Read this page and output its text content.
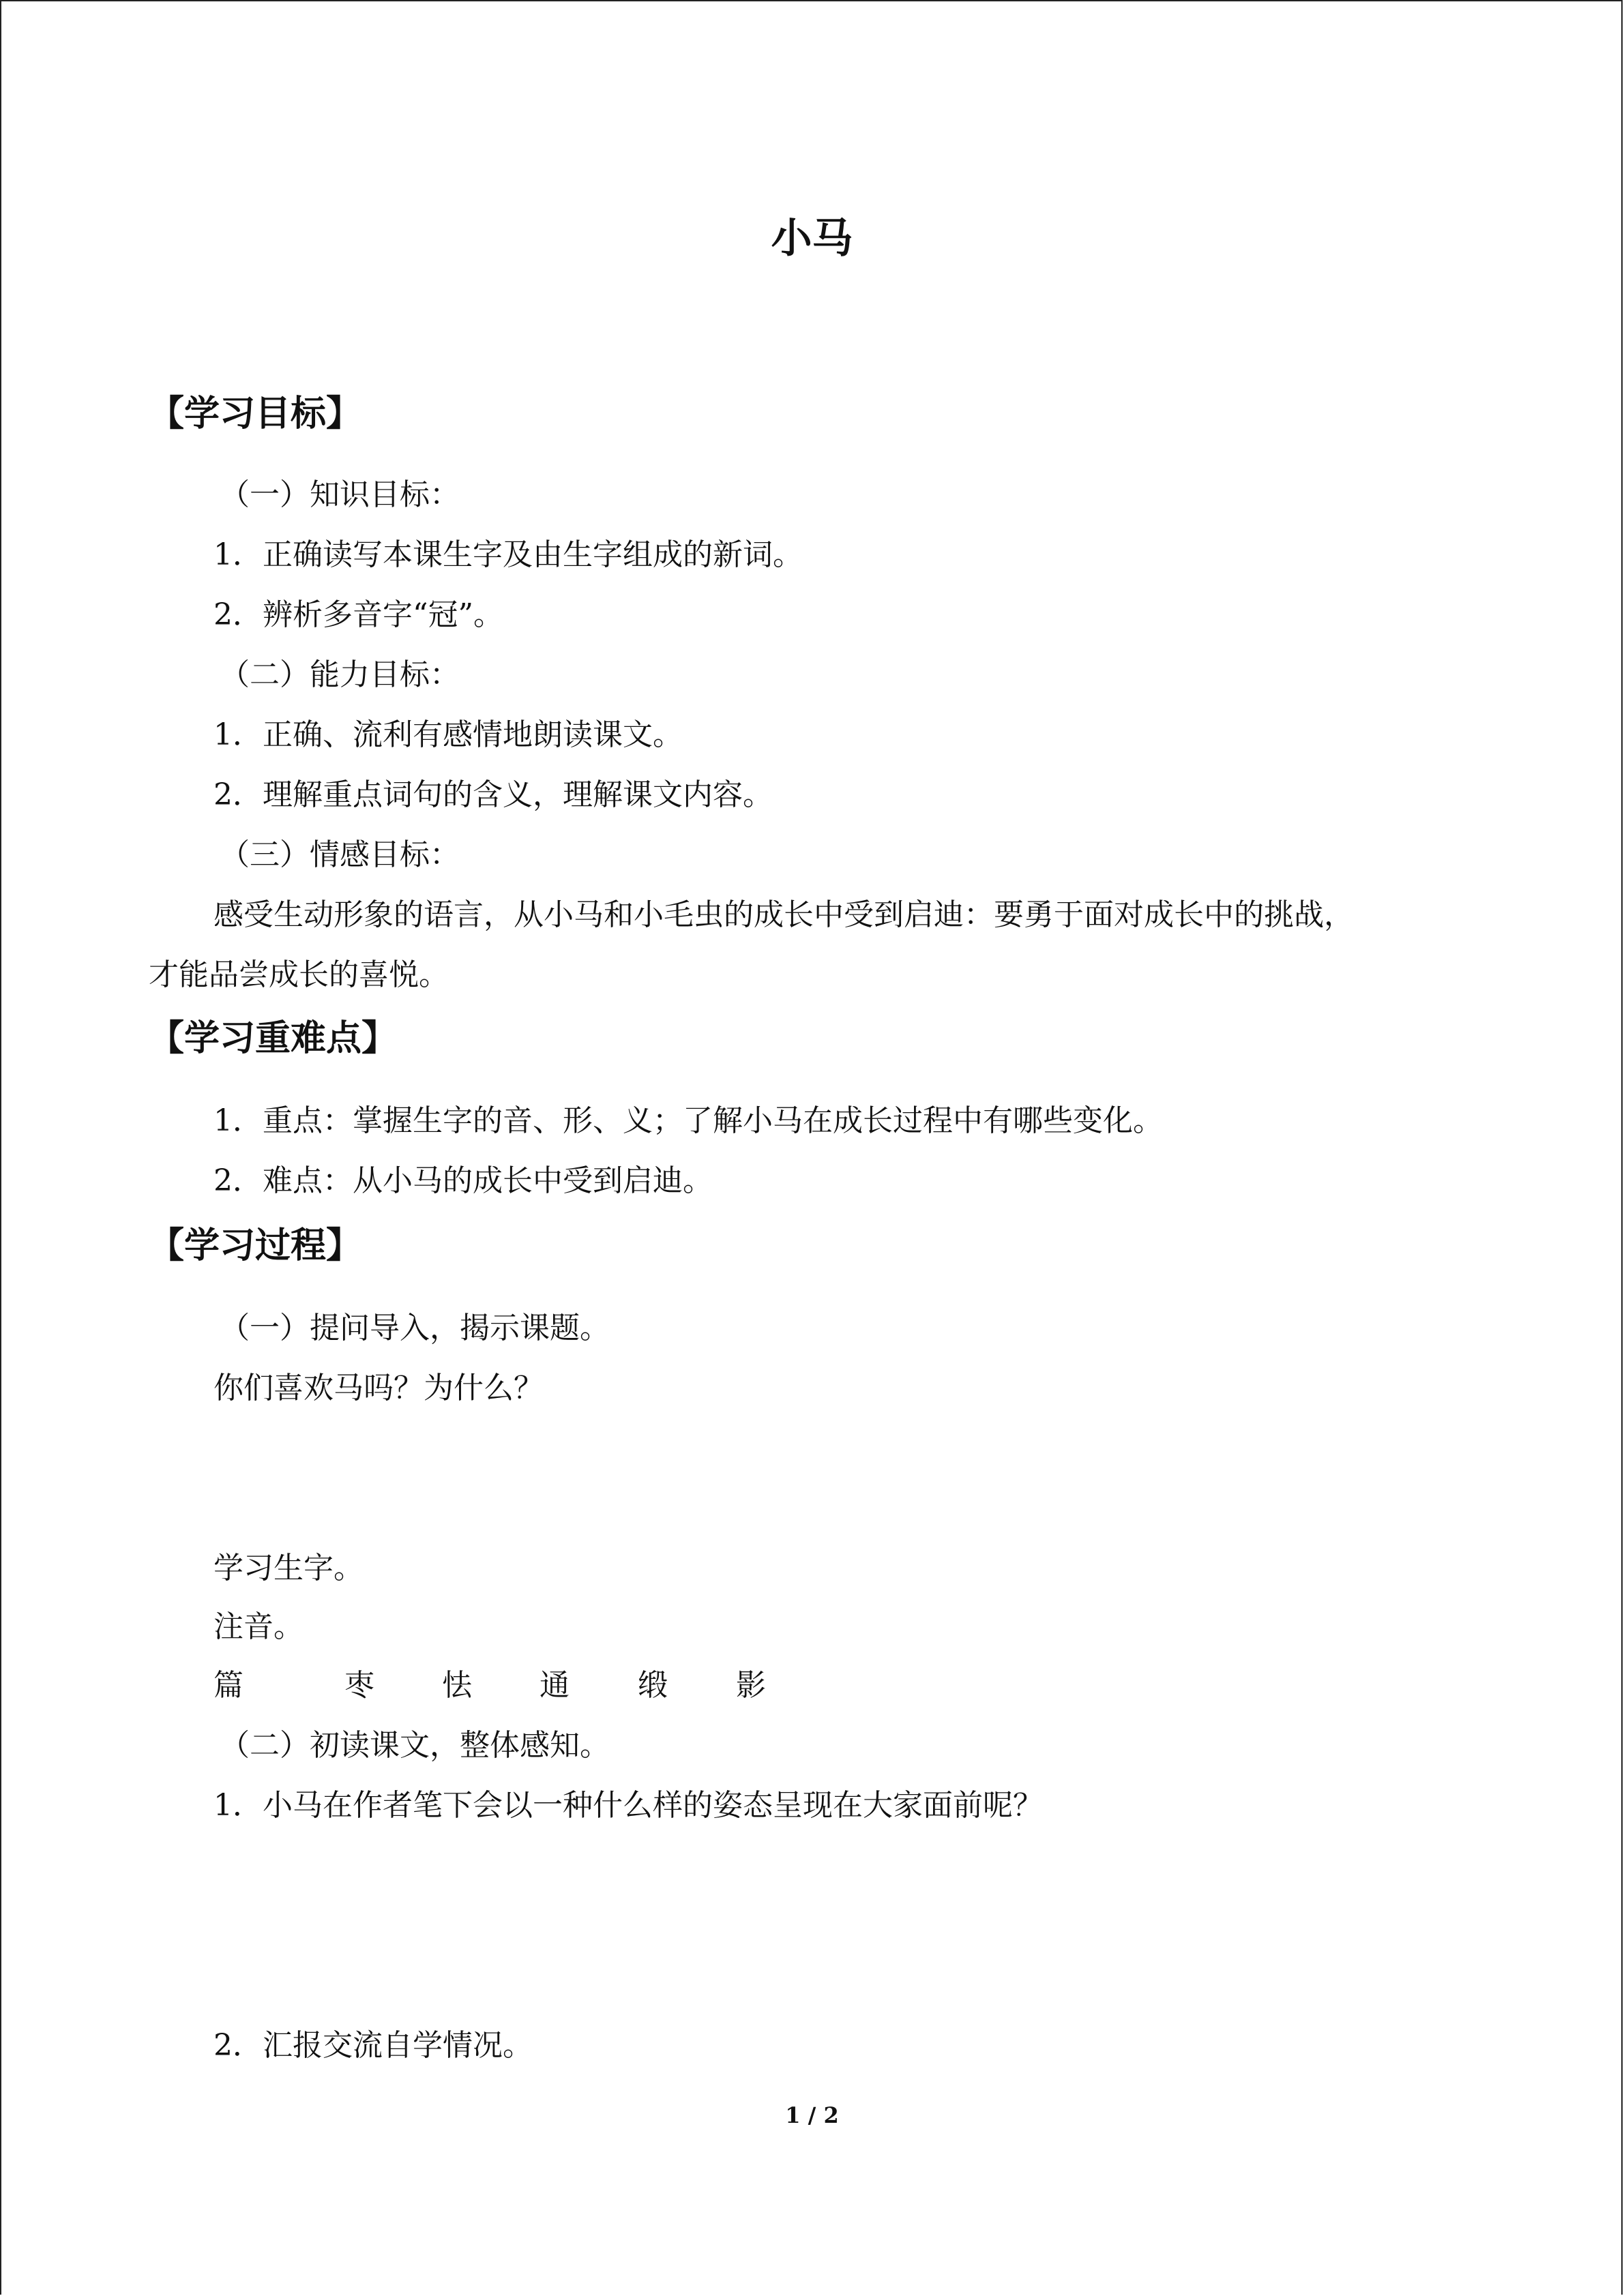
小马
【学习目标】
（一）知识目标：
1．正确读写本课生字及由生字组成的新词。
2．辨析多音字“冠”。
（二）能力目标：
1．正确、流利有感情地朗读课文。
2．理解重点词句的含义，理解课文内容。
（三）情感目标：
感受生动形象的语言，从小马和小毛虫的成长中受到启迪：要勇于面对成长中的挑战，
才能品尝成长的喜悦。
【学习重难点】
1．重点：掌握生字的音、形、义；了解小马在成长过程中有哪些变化。
2．难点：从小马的成长中受到启迪。
【学习过程】
（一）提问导入，揭示课题。
你们喜欢马吗？为什么？
学习生字。
注音。
篇	枣 怯 通 缎 影
（二）初读课文，整体感知。
1．小马在作者笔下会以一种什么样的姿态呈现在大家面前呢？
2．汇报交流自学情况。
1 / 2
